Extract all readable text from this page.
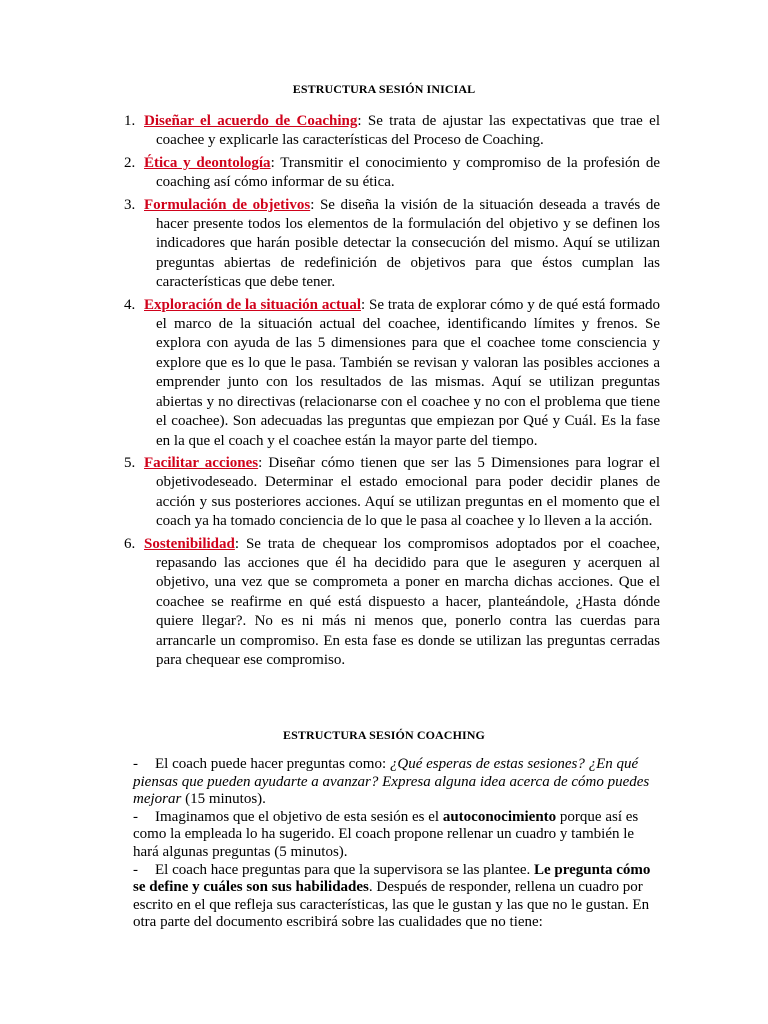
ESTRUCTURA SESIÓN INICIAL
1. Diseñar el acuerdo de Coaching: Se trata de ajustar las expectativas que trae el coachee y explicarle las características del Proceso de Coaching.
2. Ética y deontología: Transmitir el conocimiento y compromiso de la profesión de coaching así cómo informar de su ética.
3. Formulación de objetivos: Se diseña la visión de la situación deseada a través de hacer presente todos los elementos de la formulación del objetivo y se definen los indicadores que harán posible detectar la consecución del mismo. Aquí se utilizan preguntas abiertas de redefinición de objetivos para que éstos cumplan las características que debe tener.
4. Exploración de la situación actual: Se trata de explorar cómo y de qué está formado el marco de la situación actual del coachee, identificando límites y frenos. Se explora con ayuda de las 5 dimensiones para que el coachee tome consciencia y explore que es lo que le pasa. También se revisan y valoran las posibles acciones a emprender junto con los resultados de las mismas. Aquí se utilizan preguntas abiertas y no directivas (relacionarse con el coachee y no con el problema que tiene el coachee). Son adecuadas las preguntas que empiezan por Qué y Cuál. Es la fase en la que el coach y el coachee están la mayor parte del tiempo.
5. Facilitar acciones: Diseñar cómo tienen que ser las 5 Dimensiones para lograr el objetivodeseado. Determinar el estado emocional para poder decidir planes de acción y sus posteriores acciones. Aquí se utilizan preguntas en el momento que el coach ya ha tomado conciencia de lo que le pasa al coachee y lo lleven a la acción.
6. Sostenibilidad: Se trata de chequear los compromisos adoptados por el coachee, repasando las acciones que él ha decidido para que le aseguren y acerquen al objetivo, una vez que se comprometa a poner en marcha dichas acciones. Que el coachee se reafirme en qué está dispuesto a hacer, planteándole, ¿Hasta dónde quiere llegar?. No es ni más ni menos que, ponerlo contra las cuerdas para arrancarle un compromiso. En esta fase es donde se utilizan las preguntas cerradas para chequear ese compromiso.
ESTRUCTURA SESIÓN COACHING

- El coach puede hacer preguntas como: ¿Qué esperas de estas sesiones? ¿En qué piensas que pueden ayudarte a avanzar? Expresa alguna idea acerca de cómo puedes mejorar (15 minutos).

- Imaginamos que el objetivo de esta sesión es el autoconocimiento porque así es como la empleada lo ha sugerido. El coach propone rellenar un cuadro y también le hará algunas preguntas (5 minutos).

- El coach hace preguntas para que la supervisora se las plantee. Le pregunta cómo se define y cuáles son sus habilidades. Después de responder, rellena un cuadro por escrito en el que refleja sus características, las que le gustan y las que no le gustan. En otra parte del documento escribirá sobre las cualidades que no tiene:
